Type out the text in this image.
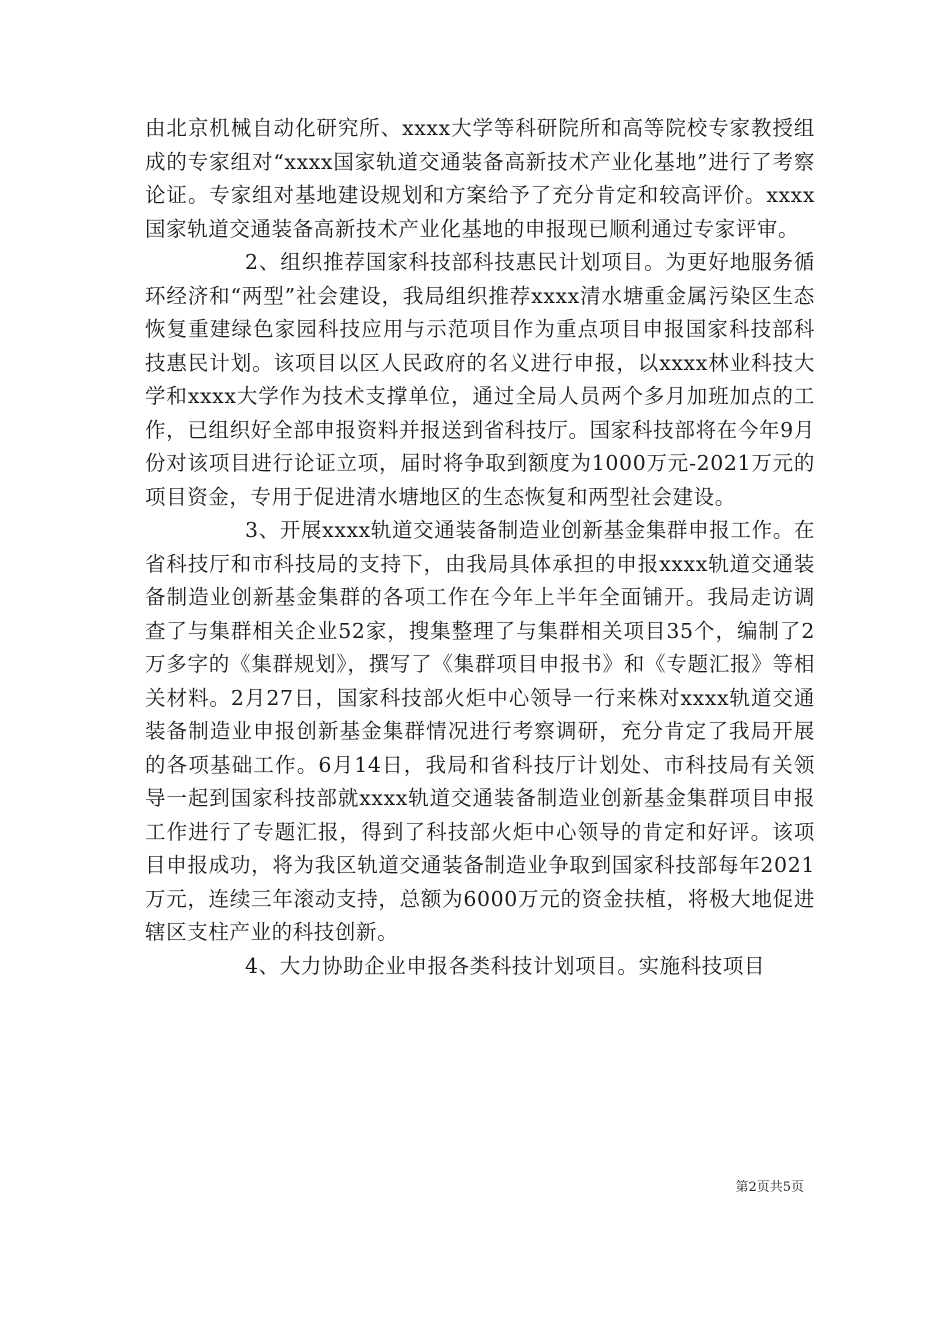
由北京机械自动化研究所、xxxx大学等科研院所和高等院校专家教授组成的专家组对“xxxx国家轨道交通装备高新技术产业化基地”进行了考察论证。专家组对基地建设规划和方案给予了充分肯定和较高评价。xxxx国家轨道交通装备高新技术产业化基地的申报现已顺利通过专家评审。

2、组织推荐国家科技部科技惠民计划项目。为更好地服务循环经济和“两型”社会建设，我局组织推荐xxxx清水塘重金属污染区生态恢复重建绿色家园科技应用与示范项目作为重点项目申报国家科技部科技惠民计划。该项目以区人民政府的名义进行申报，以xxxx林业科技大学和xxxx大学作为技术支撑单位，通过全局人员两个多月加班加点的工作，已组织好全部申报资料并报送到省科技厅。国家科技部将在今年9月份对该项目进行论证立项，届时将争取到额度为1000万元-2021万元的项目资金，专用于促进清水塘地区的生态恢复和两型社会建设。

3、开展xxxx轨道交通装备制造业创新基金集群申报工作。在省科技厅和市科技局的支持下，由我局具体承担的申报xxxx轨道交通装备制造业创新基金集群的各项工作在今年上半年全面铺开。我局走访调查了与集群相关企业52家，搜集整理了与集群相关项目35个，编制了2万多字的《集群规划》，撰写了《集群项目申报书》和《专题汇报》等相关材料。2月27日，国家科技部火炬中心领导一行来株对xxxx轨道交通装备制造业申报创新基金集群情况进行考察调研，充分肯定了我局开展的各项基础工作。6月14日，我局和省科技厅计划处、市科技局有关领导一起到国家科技部就xxxx轨道交通装备制造业创新基金集群项目申报工作进行了专题汇报，得到了科技部火炬中心领导的肯定和好评。该项目申报成功，将为我区轨道交通装备制造业争取到国家科技部每年2021万元，连续三年滚动支持，总额为6000万元的资金扶植，将极大地促进辖区支柱产业的科技创新。

4、大力协助企业申报各类科技计划项目。实施科技项目

第2页共5页
